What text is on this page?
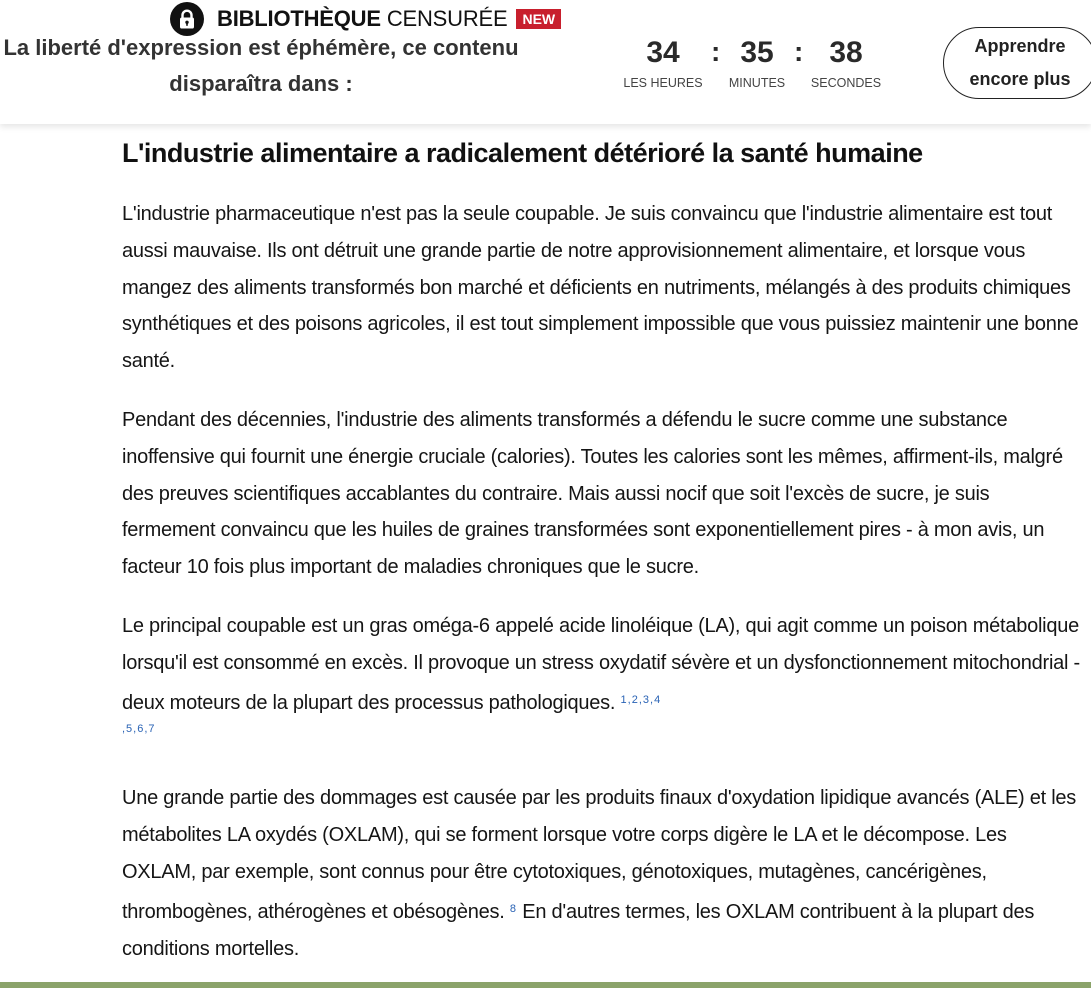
BIBLIOTHÈQUE CENSURÉE	NEW
La liberté d'expression est éphémère, ce contenu
disparaîtra dans :
34
LES HEURES
: 35
MINUTES
: 38
SECONDES
Apprendre
encore plus
L'industrie alimentaire a radicalement détérioré la santé humaine

L'industrie pharmaceutique n'est pas la seule coupable. Je suis convaincu que l'industrie alimentaire est tout aussi mauvaise. Ils ont détruit une grande partie de notre approvisionnement alimentaire, et lorsque vous mangez des aliments transformés bon marché et déficients en nutriments, mélangés à des produits chimiques synthétiques et des poisons agricoles, il est tout simplement impossible que vous puissiez maintenir une bonne santé.

Pendant des décennies, l'industrie des aliments transformés a défendu le sucre comme une substance inoffensive qui fournit une énergie cruciale (calories). Toutes les calories sont les mêmes, affirment-ils, malgré des preuves scientifiques accablantes du contraire. Mais aussi nocif que soit l'excès de sucre, je suis fermement convaincu que les huiles de graines transformées sont exponentiellement pires - à mon avis, un facteur 10 fois plus important de maladies chroniques que le sucre.

Le principal coupable est un gras oméga-6 appelé acide linoléique (LA), qui agit comme un poison métabolique lorsqu'il est consommé en excès. Il provoque un stress oxydatif sévère et un dysfonctionnement mitochondrial - deux moteurs de la plupart des processus pathologiques. $^{1,2,3,4}$

,5,6,7

Une grande partie des dommages est causée par les produits finaux d'oxydation lipidique avancés (ALE) et les métabolites LA oxydés (OXLAM), qui se forment lorsque votre corps digère le LA et le décompose. Les OXLAM, par exemple, sont connus pour être cytotoxiques, génotoxiques, mutagènes, cancérigènes, thrombogènes, athérogènes et obésogènes. $^8$ En d'autres termes, les OXLAM contribuent à la plupart des conditions mortelles.
